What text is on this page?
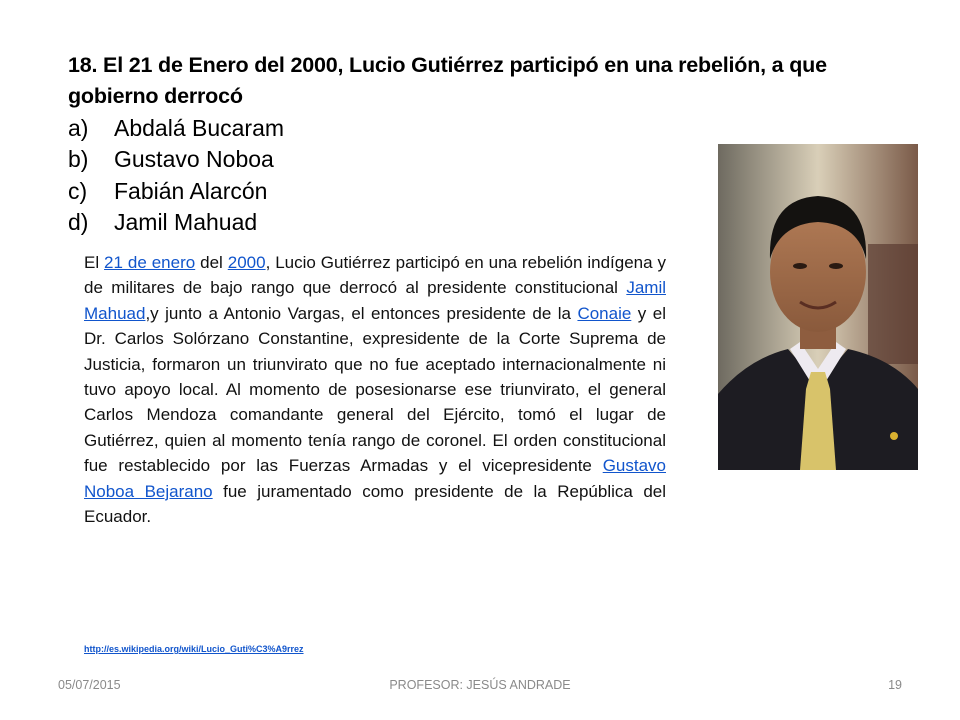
18. El 21 de Enero del 2000, Lucio Gutiérrez participó en una rebelión, a que gobierno derrocó
a)	Abdalá Bucaram
b)	Gustavo Noboa
c)	Fabián Alarcón
d)	Jamil Mahuad
El 21 de enero del 2000, Lucio Gutiérrez participó en una rebelión indígena y de militares de bajo rango que derrocó al presidente constitucional Jamil Mahuad,y junto a Antonio Vargas, el entonces presidente de la Conaie y el Dr. Carlos Solórzano Constantine, expresidente de la Corte Suprema de Justicia, formaron un triunvirato que no fue aceptado internacionalmente ni tuvo apoyo local. Al momento de posesionarse ese triunvirato, el general Carlos Mendoza comandante general del Ejército, tomó el lugar de Gutiérrez, quien al momento tenía rango de coronel. El orden constitucional fue restablecido por las Fuerzas Armadas y el vicepresidente Gustavo Noboa Bejarano fue juramentado como presidente de la República del Ecuador.
http://es.wikipedia.org/wiki/Lucio_Guti%C3%A9rrez
05/07/2015	PROFESOR: JESÚS ANDRADE	19
